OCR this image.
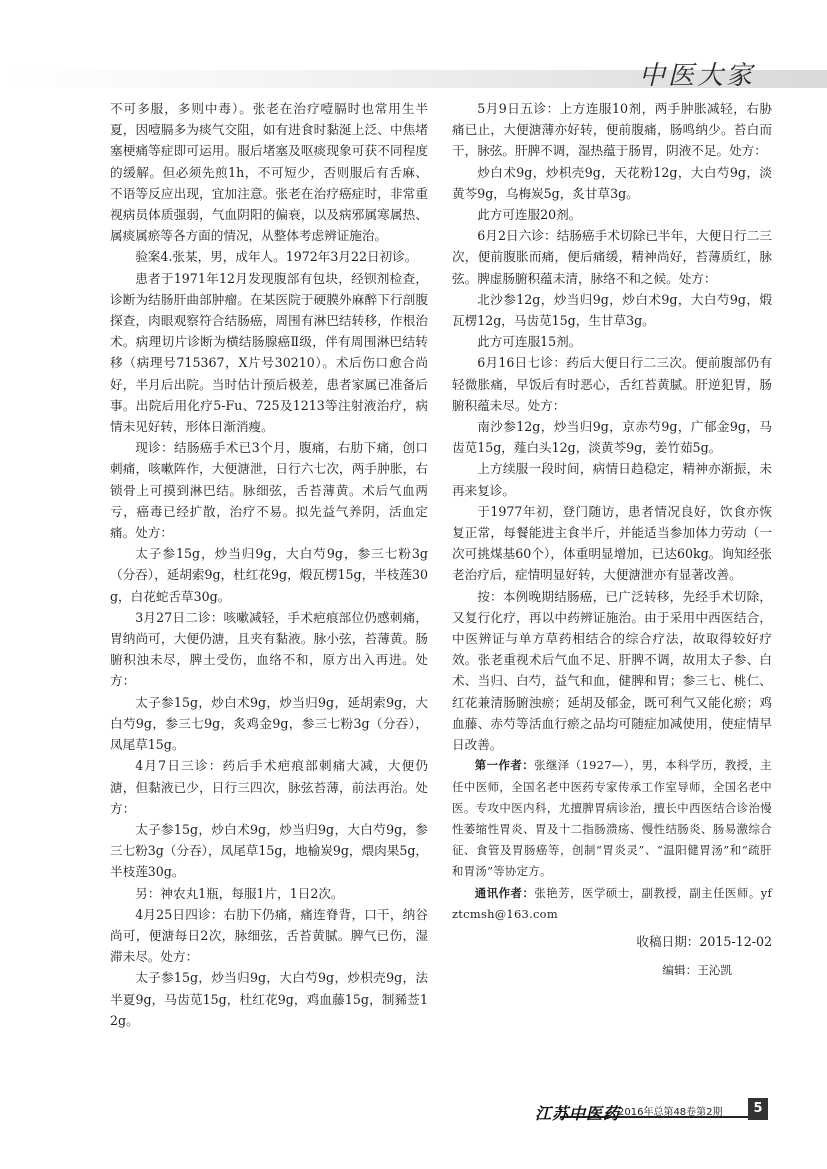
中医大家

不可多服，多则中毒）。张老在治疗噎膈时也常用生半夏，因噎膈多为痰气交阻，如有进食时黏涎上泛、中焦堵塞梗痛等症即可运用。服后堵塞及呕痰现象可获不同程度的缓解。但必须先煎1h，不可短少，否则服后有舌麻、不语等反应出现，宜加注意。张老在治疗癌症时，非常重视病员体质强弱，气血阴阳的偏衰，以及病邪属寒属热、属痰属瘀等各方面的情况，从整体考虑辨证施治。

验案4.张某，男，成年人。1972年3月22日初诊。

患者于1971年12月发现腹部有包块，经钡剂检查，诊断为结肠肝曲部肿瘤。在某医院于硬膜外麻醉下行剖腹探查，肉眼观察符合结肠癌，周围有淋巴结转移，作根治术。病理切片诊断为横结肠腺癌Ⅱ级，伴有周围淋巴结转移（病理号715367，X片号30210）。术后伤口愈合尚好，半月后出院。当时估计预后极差，患者家属已准备后事。出院后用化疗5-Fu、725及1213等注射液治疗，病情未见好转，形体日渐消瘦。

现诊：结肠癌手术已3个月，腹痛，右肋下痛，创口刺痛，咳嗽阵作，大便溏泄，日行六七次，两手肿胀，右锁骨上可摸到淋巴结。脉细弦，舌苔薄黄。术后气血两亏，癌毒已经扩散，治疗不易。拟先益气养阴，活血定痛。处方：

太子参15g，炒当归9g，大白芍9g，参三七粉3g（分吞），延胡索9g，杜红花9g，煅瓦楞15g，半枝莲30g，白花蛇舌草30g。

3月27日二诊：咳嗽减轻，手术疤痕部位仍感刺痛，胃纳尚可，大便仍溏，且夹有黏液。脉小弦，苔薄黄。肠腑积浊未尽，脾土受伤，血络不和，原方出入再进。处方：

太子参15g，炒白术9g，炒当归9g，延胡索9g，大白芍9g，参三七9g，炙鸡金9g，参三七粉3g（分吞），凤尾草15g。

4月7日三诊：药后手术疤痕部刺痛大减，大便仍溏，但黏液已少，日行三四次，脉弦苔薄，前法再治。处方：

太子参15g，炒白术9g，炒当归9g，大白芍9g，参三七粉3g（分吞），凤尾草15g，地榆炭9g，煨肉果5g，半枝莲30g。

另：神农丸1瓶，每服1片，1日2次。

4月25日四诊：右肋下仍痛，痛连脊背，口干，纳谷尚可，便溏每日2次，脉细弦，舌苔黄腻。脾气已伤，湿滞未尽。处方：

太子参15g，炒当归9g，大白芍9g，炒枳壳9g，法半夏9g，马齿苋15g，杜红花9g，鸡血藤15g，制豨莶12g。

5月9日五诊：上方连服10剂，两手肿胀减轻，右胁痛已止，大便溏薄亦好转，便前腹痛，肠鸣纳少。苔白而干，脉弦。肝脾不调，湿热蕴于肠胃，阴液不足。处方：

炒白术9g，炒枳壳9g，天花粉12g，大白芍9g，淡黄芩9g，乌梅炭5g，炙甘草3g。

此方可连服20剂。

6月2日六诊：结肠癌手术切除已半年，大便日行二三次，便前腹胀而痛，便后痛缓，精神尚好，苔薄质红，脉弦。脾虚肠腑积蕴未清，脉络不和之候。处方：

北沙参12g，炒当归9g，炒白术9g，大白芍9g，煅瓦楞12g，马齿苋15g，生甘草3g。

此方可连服15剂。

6月16日七诊：药后大便日行二三次。便前腹部仍有轻微胀痛，早饭后有时恶心，舌红苔黄腻。肝逆犯胃，肠腑积蕴未尽。处方：

南沙参12g，炒当归9g，京赤芍9g，广郁金9g，马齿苋15g，薤白头12g，淡黄芩9g，姜竹茹5g。

上方续服一段时间，病情日趋稳定，精神亦渐振，未再来复诊。

于1977年初，登门随访，患者情况良好，饮食亦恢复正常，每餐能进主食半斤，并能适当参加体力劳动（一次可挑煤基60个），体重明显增加，已达60kg。询知经张老治疗后，症情明显好转，大便溏泄亦有显著改善。

按：本例晚期结肠癌，已广泛转移，先经手术切除，又复行化疗，再以中药辨证施治。由于采用中西医结合，中医辨证与单方草药相结合的综合疗法，故取得较好疗效。张老重视术后气血不足、肝脾不调，故用太子参、白术、当归、白芍，益气和血，健脾和胃；参三七、桃仁、红花兼清肠腑浊瘀；延胡及郁金，既可利气又能化瘀；鸡血藤、赤芍等活血行瘀之品均可随症加减使用，使症情早日改善。

第一作者：张继泽（1927—），男，本科学历，教授，主任中医师，全国名老中医药专家传承工作室导师，全国名老中医。专攻中医内科，尤擅脾胃病诊治，擅长中西医结合诊治慢性萎缩性胃炎、胃及十二指肠溃疡、慢性结肠炎、肠易激综合征、食管及胃肠癌等，创制“胃炎灵”、“温阳健胃汤”和“疏肝和胃汤”等协定方。

通讯作者：张艳芳，医学硕士，副教授，副主任医师。yfztcmsh@163.com

收稿日期：2015-12-02

编辑：王沁凯

江苏中医药
2016年总第48卷第2期	5
